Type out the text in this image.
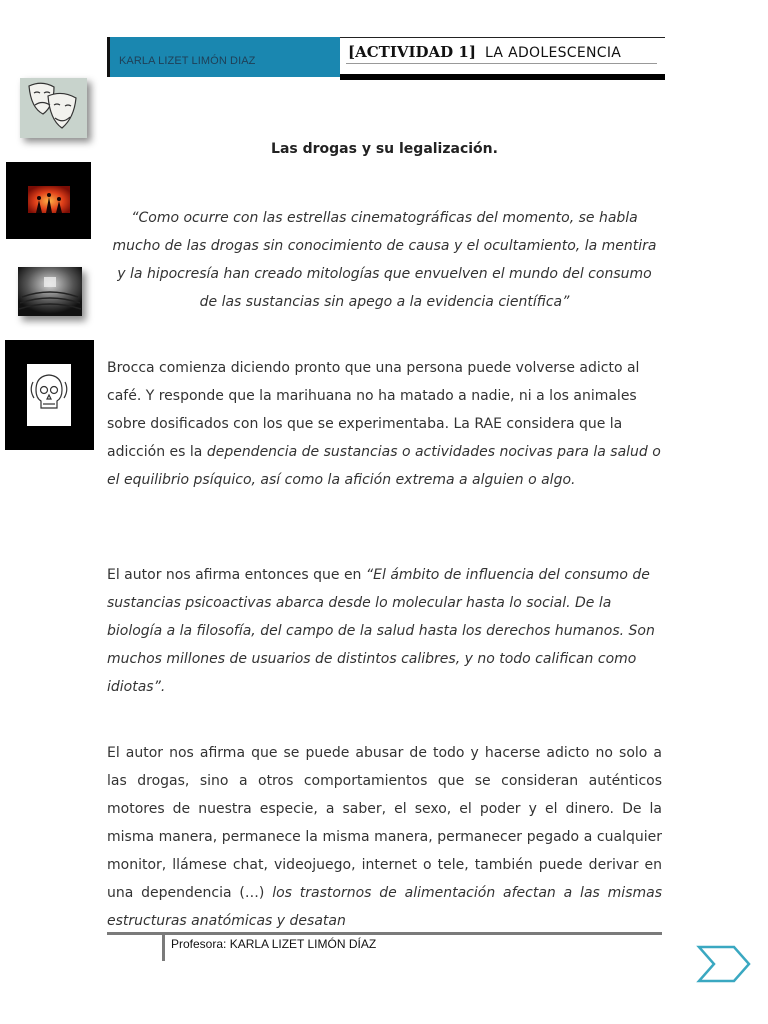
KARLA LIZET LIMÓN DIAZ	[ACTIVIDAD 1] LA ADOLESCENCIA
Las drogas y su legalización.
“Como ocurre con las estrellas cinematográficas del momento, se habla mucho de las drogas sin conocimiento de causa y el ocultamiento, la mentira y la hipocresía han creado mitologías que envuelven el mundo del consumo de las sustancias sin apego a la evidencia científica”
Brocca comienza diciendo pronto que una persona puede volverse adicto al café. Y responde que la marihuana no ha matado a nadie, ni a los animales sobre dosificados con los que se experimentaba. La RAE considera que la adicción es la dependencia de sustancias o actividades nocivas para la salud o el equilibrio psíquico, así como la afición extrema a alguien o algo.
El autor nos afirma entonces que en “El ámbito de influencia del consumo de sustancias psicoactivas abarca desde lo molecular hasta lo social. De la biología a la filosofía, del campo de la salud hasta los derechos humanos. Son muchos millones de usuarios de distintos calibres, y no todo califican como idiotas”.
El autor nos afirma que se puede abusar de todo y hacerse adicto no solo a las drogas, sino a otros comportamientos que se consideran auténticos motores de nuestra especie, a saber, el sexo, el poder y el dinero. De la misma manera, permanece la misma manera, permanecer pegado a cualquier monitor, llámese chat, videojuego, internet o tele, también puede derivar en una dependencia (…) los trastornos de alimentación afectan a las mismas estructuras anatómicas y desatan
Profesora: KARLA LIZET LIMÓN DÍAZ
